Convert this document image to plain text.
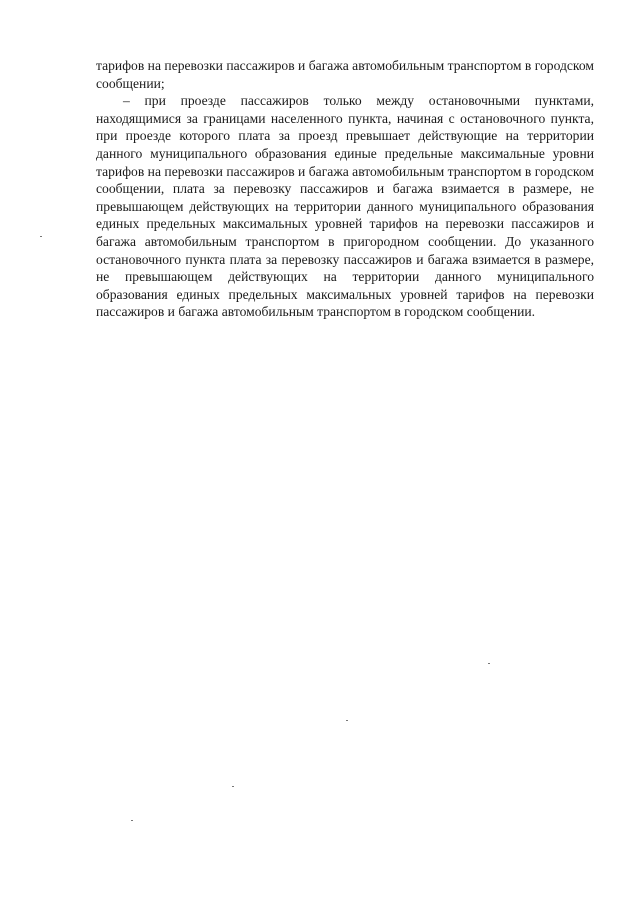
тарифов на перевозки пассажиров и багажа автомобильным транспортом в городском сообщении;

– при проезде пассажиров только между остановочными пунктами, находящимися за границами населенного пункта, начиная с остановочного пункта, при проезде которого плата за проезд превышает действующие на территории данного муниципального образования единые предельные максимальные уровни тарифов на перевозки пассажиров и багажа автомобильным транспортом в городском сообщении, плата за перевозку пассажиров и багажа взимается в размере, не превышающем действующих на территории данного муниципального образования единых предельных максимальных уровней тарифов на перевозки пассажиров и багажа автомобильным транспортом в пригородном сообщении. До указанного остановочного пункта плата за перевозку пассажиров и багажа взимается в размере, не превышающем действующих на территории данного муниципального образования единых предельных максимальных уровней тарифов на перевозки пассажиров и багажа автомобильным транспортом в городском сообщении.
